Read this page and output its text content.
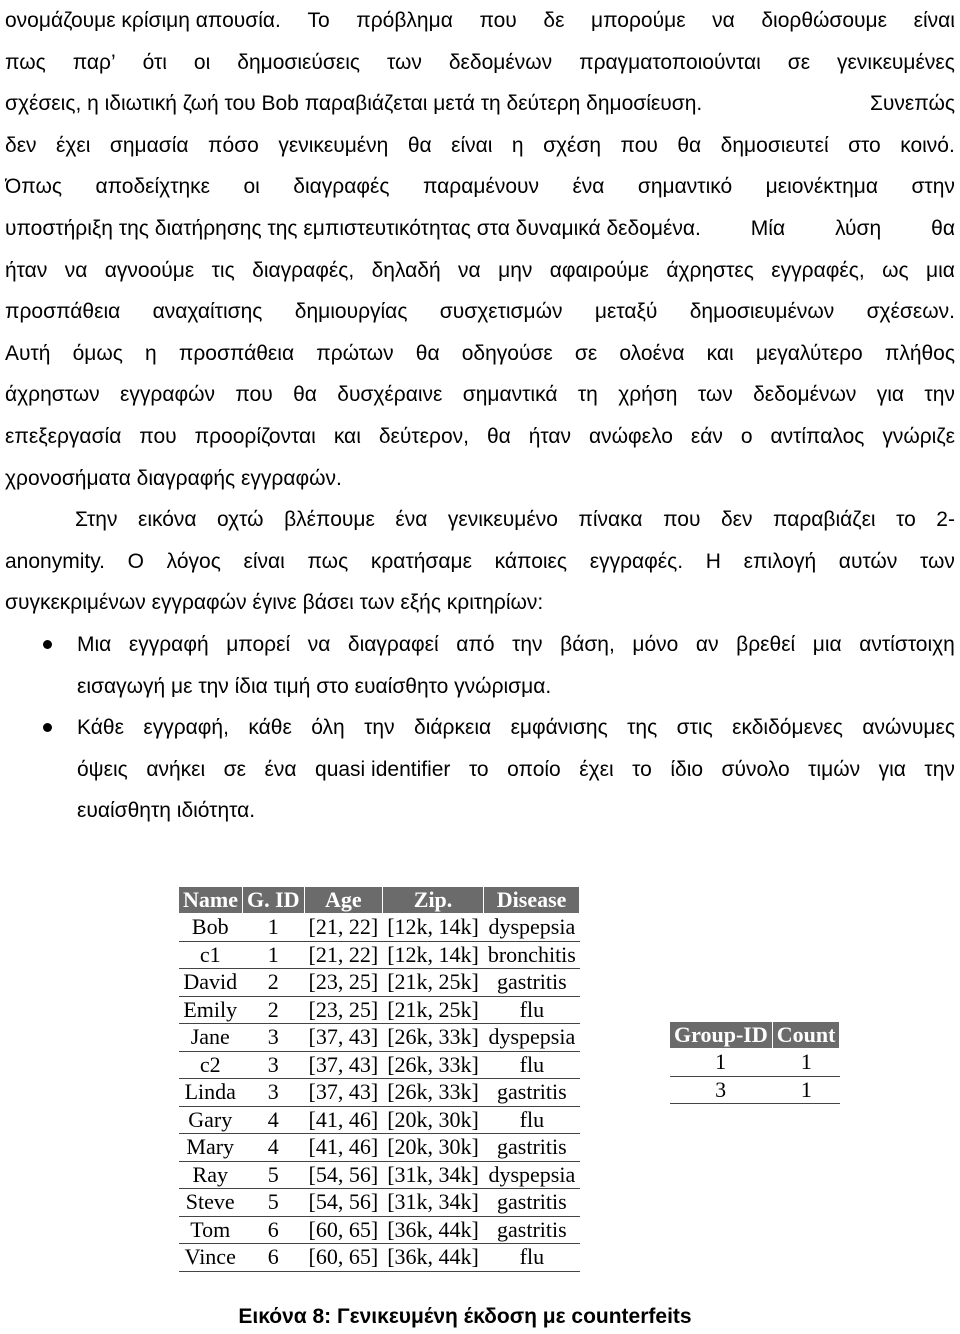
ονομάζουμε κρίσιμη απουσία. Το πρόβλημα που δε μπορούμε να διορθώσουμε είναι
πως παρ’ ότι οι δημοσιεύσεις των δεδομένων πραγματοποιούνται σε γενικευμένες
σχέσεις, η ιδιωτική ζωή του Bob παραβιάζεται μετά τη δεύτερη δημοσίευση.	Συνεπώς
δεν έχει σημασία πόσο γενικευμένη θα είναι η σχέση που θα δημοσιευτεί στο κοινό.
Όπως αποδείχτηκε οι διαγραφές παραμένουν ένα σημαντικό μειονέκτημα στην
υποστήριξη της διατήρησης της εμπιστευτικότητας στα δυναμικά δεδομένα. Μία λύση θα
ήταν να αγνοούμε τις διαγραφές, δηλαδή να μην αφαιρούμε άχρηστες εγγραφές, ως μια
προσπάθεια αναχαίτισης δημιουργίας συσχετισμών μεταξύ δημοσιευμένων σχέσεων.
Αυτή όμως η προσπάθεια πρώτων θα οδηγούσε σε ολοένα και μεγαλύτερο πλήθος
άχρηστων εγγραφών που θα δυσχέραινε σημαντικά τη χρήση των δεδομένων για την
επεξεργασία που προορίζονται και δεύτερον, θα ήταν ανώφελο εάν ο αντίπαλος γνώριζε
χρονοσήματα διαγραφής εγγραφών.
Στην εικόνα οχτώ βλέπουμε ένα γενικευμένο πίνακα που δεν παραβιάζει το 2-
anonymity. Ο λόγος είναι πως κρατήσαμε κάποιες εγγραφές. Η επιλογή αυτών των
συγκεκριμένων εγγραφών έγινε βάσει των εξής κριτηρίων:
Μια εγγραφή μπορεί να διαγραφεί από την βάση, μόνο αν βρεθεί μια αντίστοιχη
εισαγωγή με την ίδια τιμή στο ευαίσθητο γνώρισμα.
Κάθε εγγραφή, κάθε όλη την διάρκεια εμφάνισης της στις εκδιδόμενες ανώνυμες
όψεις ανήκει σε ένα quasi identifier το οποίο έχει το ίδιο σύνολο τιμών για την
ευαίσθητη ιδιότητα.
Name	G. ID	Age	Zip.	Disease
Bob	1	[21, 22]	[12k, 14k]	dyspepsia
c1	1	[21, 22]	[12k, 14k]	bronchitis
David	2	[23, 25]	[21k, 25k]	gastritis
Emily	2	[23, 25]	[21k, 25k]	flu
Jane	3	[37, 43]	[26k, 33k]	dyspepsia
c2	3	[37, 43]	[26k, 33k]	flu
Linda	3	[37, 43]	[26k, 33k]	gastritis
Gary	4	[41, 46]	[20k, 30k]	flu
Mary	4	[41, 46]	[20k, 30k]	gastritis
Ray	5	[54, 56]	[31k, 34k]	dyspepsia
Steve	5	[54, 56]	[31k, 34k]	gastritis
Tom	6	[60, 65]	[36k, 44k]	gastritis
Vince	6	[60, 65]	[36k, 44k]	flu
Group-ID	Count
1	1
3	1
Εικόνα 8: Γενικευμένη έκδοση με counterfeits
